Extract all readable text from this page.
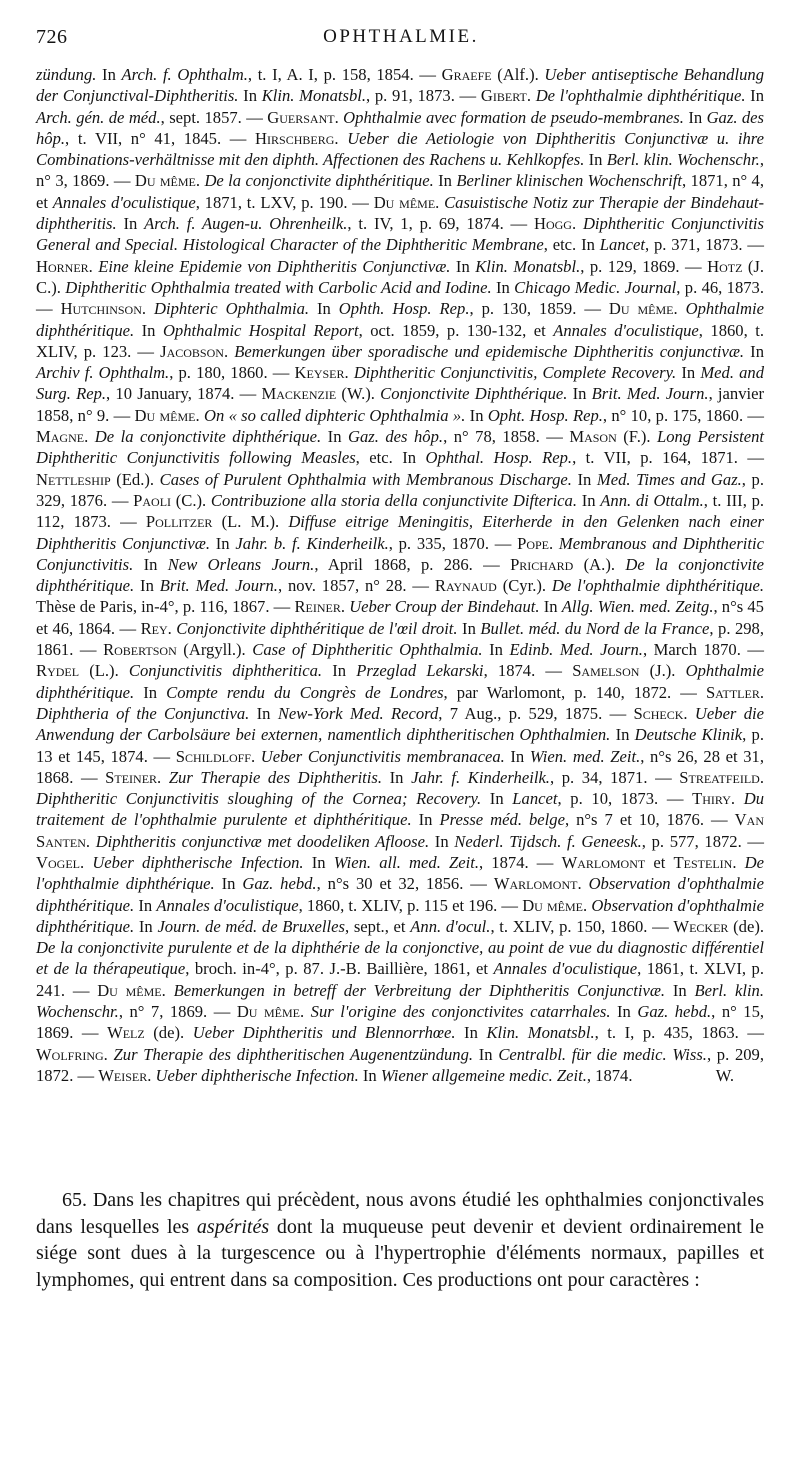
726	OPHTHALMIE.

zündung. In Arch. f. Ophthalm., t. I, A. I, p. 158, 1854. — Graefe (Alf.). Ueber antiseptische Behandlung der Conjunctival-Diphtheritis. In Klin. Monatsbl., p. 91, 1873. — Gibert. De l'ophthalmie diphthéritique. In Arch. gén. de méd., sept. 1857. — Guersant. Ophthalmie avec formation de pseudo-membranes. In Gaz. des hôp., t. VII, n° 41, 1845. — Hirschberg. Ueber die Aetiologie von Diphtheritis Conjunctivæ u. ihre Combinations-verhältnisse mit den diphth. Affectionen des Rachens u. Kehlkopfes. In Berl. klin. Wochenschr., n° 3, 1869. — Du même. De la conjonctivite diphthéritique. In Berliner klinischen Wochenschrift, 1871, n° 4, et Annales d'oculistique, 1871, t. LXV, p. 190. — Du même. Casuistische Notiz zur Therapie der Bindehaut-diphtheritis. In Arch. f. Augen-u. Ohrenheilk., t. IV, 1, p. 69, 1874. — Hogg. Diphtheritic Conjunctivitis General and Special. Histological Character of the Diphtheritic Membrane, etc. In Lancet, p. 371, 1873. — Horner. Eine kleine Epidemie von Diphtheritis Conjunctivæ. In Klin. Monatsbl., p. 129, 1869. — Hotz (J. C.). Diphtheritic Ophthalmia treated with Carbolic Acid and Iodine. In Chicago Medic. Journal, p. 46, 1873. — Hutchinson. Diphteric Ophthalmia. In Ophth. Hosp. Rep., p. 130, 1859. — Du même. Ophthalmie diphthéritique. In Ophthalmic Hospital Report, oct. 1859, p. 130-132, et Annales d'oculistique, 1860, t. XLIV, p. 123. — Jacobson. Bemerkungen über sporadische und epidemische Diphtheritis conjunctivæ. In Archiv f. Ophthalm., p. 180, 1860. — Keyser. Diphtheritic Conjunctivitis, Complete Recovery. In Med. and Surg. Rep., 10 January, 1874. — Mackenzie (W.). Conjonctivite Diphthérique. In Brit. Med. Journ., janvier 1858, n° 9. — Du même. On « so called diphteric Ophthalmia ». In Opht. Hosp. Rep., n° 10, p. 175, 1860. — Magne. De la conjonctivite diphthérique. In Gaz. des hôp., n° 78, 1858. — Mason (F.). Long Persistent Diphtheritic Conjunctivitis following Measles, etc. In Ophthal. Hosp. Rep., t. VII, p. 164, 1871. — Nettleship (Ed.). Cases of Purulent Ophthalmia with Membranous Discharge. In Med. Times and Gaz., p. 329, 1876. — Paoli (C.). Contribuzione alla storia della conjunctivite Difterica. In Ann. di Ottalm., t. III, p. 112, 1873. — Pollitzer (L. M.). Diffuse eitrige Meningitis, Eiterherde in den Gelenken nach einer Diphtheritis Conjunctivæ. In Jahr. b. f. Kinderheilk., p. 335, 1870. — Pope. Membranous and Diphtheritic Conjunctivitis. In New Orleans Journ., April 1868, p. 286. — Prichard (A.). De la conjonctivite diphthéritique. In Brit. Med. Journ., nov. 1857, n° 28. — Raynaud (Cyr.). De l'ophthalmie diphthéritique. Thèse de Paris, in-4°, p. 116, 1867. — Reiner. Ueber Croup der Bindehaut. In Allg. Wien. med. Zeitg., n°s 45 et 46, 1864. — Rey. Conjonctivite diphthéritique de l'œil droit. In Bullet. méd. du Nord de la France, p. 298, 1861. — Robertson (Argyll.). Case of Diphtheritic Ophthalmia. In Edinb. Med. Journ., March 1870. — Rydel (L.). Conjunctivitis diphtheritica. In Przeglad Lekarski, 1874. — Samelson (J.). Ophthalmie diphthéritique. In Compte rendu du Congrès de Londres, par Warlomont, p. 140, 1872. — Sattler. Diphtheria of the Conjunctiva. In New-York Med. Record, 7 Aug., p. 529, 1875. — Scheck. Ueber die Anwendung der Carbolsäure bei externen, namentlich diphtheritischen Ophthalmien. In Deutsche Klinik, p. 13 et 145, 1874. — Schildloff. Ueber Conjunctivitis membranacea. In Wien. med. Zeit., n°s 26, 28 et 31, 1868. — Steiner. Zur Therapie des Diphtheritis. In Jahr. f. Kinderheilk., p. 34, 1871. — Streatfeild. Diphtheritic Conjunctivitis sloughing of the Cornea; Recovery. In Lancet, p. 10, 1873. — Thiry. Du traitement de l'ophthalmie purulente et diphthéritique. In Presse méd. belge, n°s 7 et 10, 1876. — Van Santen. Diphtheritis conjunctivæ met doodeliken Afloose. In Nederl. Tijdsch. f. Geneesk., p. 577, 1872. — Vogel. Ueber diphtherische Infection. In Wien. all. med. Zeit., 1874. — Warlomont et Testelin. De l'ophthalmie diphthérique. In Gaz. hebd., n°s 30 et 32, 1856. — Warlomont. Observation d'ophthalmie diphthéritique. In Annales d'oculistique, 1860, t. XLIV, p. 115 et 196. — Du même. Observation d'ophthalmie diphthéritique. In Journ. de méd. de Bruxelles, sept., et Ann. d'ocul., t. XLIV, p. 150, 1860. — Wecker (de). De la conjonctivite purulente et de la diphthérie de la conjonctive, au point de vue du diagnostic différentiel et de la thérapeutique, broch. in-4°, p. 87. J.-B. Baillière, 1861, et Annales d'oculistique, 1861, t. XLVI, p. 241. — Du même. Bemerkungen in betreff der Verbreitung der Diphtheritis Conjunctivæ. In Berl. klin. Wochenschr., n° 7, 1869. — Du même. Sur l'origine des conjonctivites catarrhales. In Gaz. hebd., n° 15, 1869. — Welz (de). Ueber Diphtheritis und Blennorrhœe. In Klin. Monatsbl., t. I, p. 435, 1863. — Wolfring. Zur Therapie des diphtheritischen Augenentzündung. In Centralbl. für die medic. Wiss., p. 209, 1872. — Weiser. Ueber diphtherische Infection. In Wiener allgemeine medic. Zeit., 1874.	W.

65. Dans les chapitres qui précèdent, nous avons étudié les ophthalmies conjonctivales dans lesquelles les aspérités dont la muqueuse peut devenir et devient ordinairement le siége sont dues à la turgescence ou à l'hypertrophie d'éléments normaux, papilles et lymphomes, qui entrent dans sa composition. Ces productions ont pour caractères :
